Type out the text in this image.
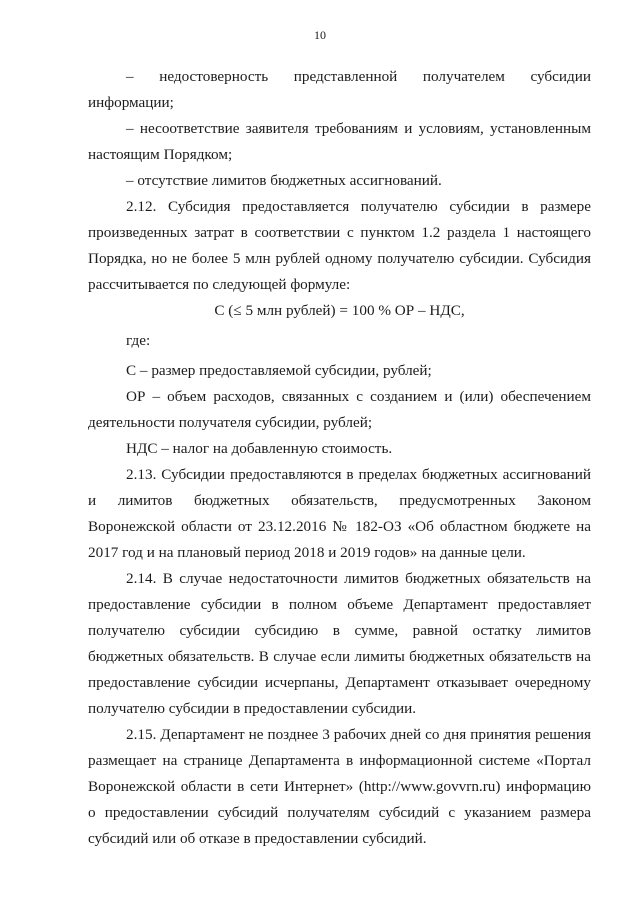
10

– недостоверность представленной получателем субсидии информации;

– несоответствие заявителя требованиям и условиям, установленным настоящим Порядком;

– отсутствие лимитов бюджетных ассигнований.

2.12. Субсидия предоставляется получателю субсидии в размере произведенных затрат в соответствии с пунктом 1.2 раздела 1 настоящего Порядка, но не более 5 млн рублей одному получателю субсидии. Субсидия рассчитывается по следующей формуле:

С (≤ 5 млн рублей) = 100 % ОР – НДС,

где:

С – размер предоставляемой субсидии, рублей;

ОР – объем расходов, связанных с созданием и (или) обеспечением деятельности получателя субсидии, рублей;

НДС – налог на добавленную стоимость.

2.13. Субсидии предоставляются в пределах бюджетных ассигнований и лимитов бюджетных обязательств, предусмотренных Законом Воронежской области от 23.12.2016 № 182-ОЗ «Об областном бюджете на 2017 год и на плановый период 2018 и 2019 годов» на данные цели.

2.14. В случае недостаточности лимитов бюджетных обязательств на предоставление субсидии в полном объеме Департамент предоставляет получателю субсидии субсидию в сумме, равной остатку лимитов бюджетных обязательств. В случае если лимиты бюджетных обязательств на предоставление субсидии исчерпаны, Департамент отказывает очередному получателю субсидии в предоставлении субсидии.

2.15. Департамент не позднее 3 рабочих дней со дня принятия решения размещает на странице Департамента в информационной системе «Портал Воронежской области в сети Интернет» (http://www.govvrn.ru) информацию о предоставлении субсидий получателям субсидий с указанием размера субсидий или об отказе в предоставлении субсидий.
